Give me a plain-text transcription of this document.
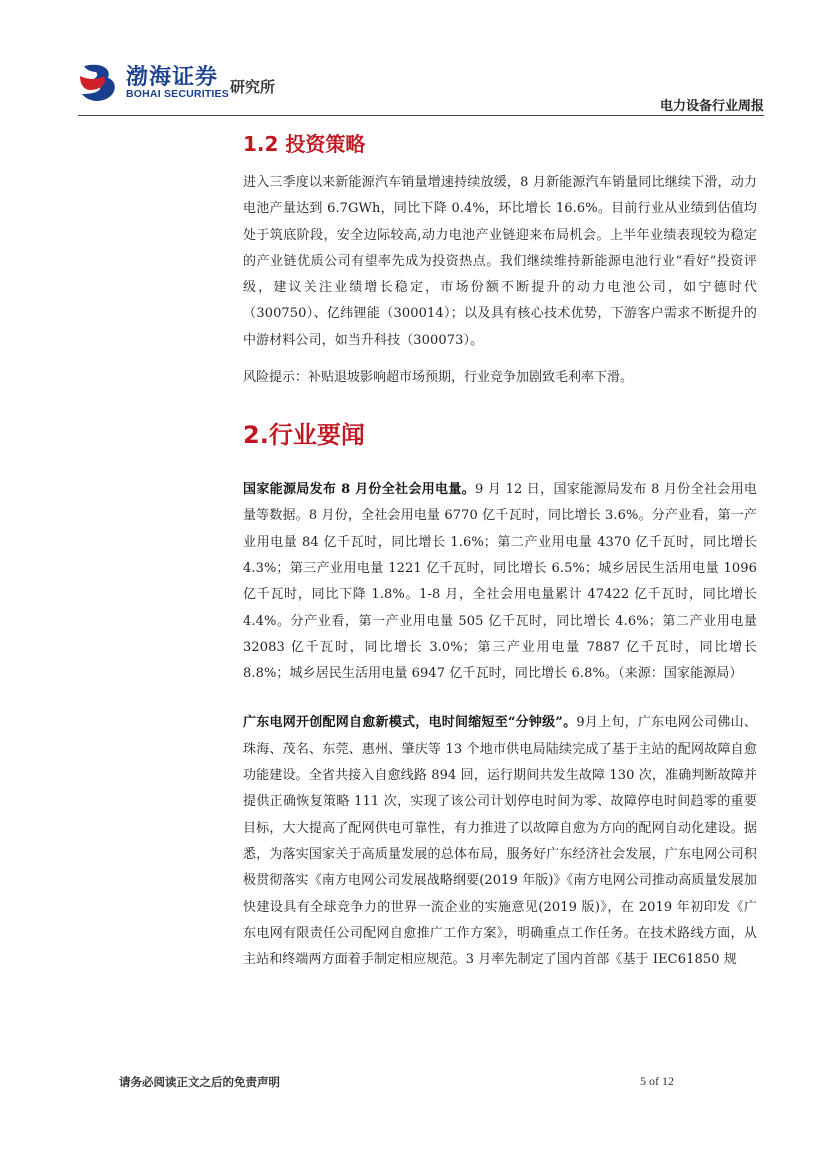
渤海证券
BOHAI SECURITIES 研究所
电力设备行业周报
1.2 投资策略

进入三季度以来新能源汽车销量增速持续放缓，8 月新能源汽车销量同比继续下滑，动力电池产量达到 6.7GWh，同比下降 0.4%，环比增长 16.6%。目前行业从业绩到估值均处于筑底阶段，安全边际较高,动力电池产业链迎来布局机会。上半年业绩表现较为稳定的产业链优质公司有望率先成为投资热点。我们继续维持新能源电池行业“看好”投资评级，建议关注业绩增长稳定，市场份额不断提升的动力电池公司，如宁德时代（300750）、亿纬锂能（300014）；以及具有核心技术优势，下游客户需求不断提升的中游材料公司，如当升科技（300073）。

风险提示：补贴退坡影响超市场预期，行业竞争加剧致毛利率下滑。

2.行业要闻

国家能源局发布 8 月份全社会用电量。9 月 12 日，国家能源局发布 8 月份全社会用电量等数据。8 月份，全社会用电量 6770 亿千瓦时，同比增长 3.6%。分产业看，第一产业用电量 84 亿千瓦时，同比增长 1.6%；第二产业用电量 4370 亿千瓦时，同比增长 4.3%；第三产业用电量 1221 亿千瓦时，同比增长 6.5%；城乡居民生活用电量 1096 亿千瓦时，同比下降 1.8%。1-8 月，全社会用电量累计 47422 亿千瓦时，同比增长 4.4%。分产业看，第一产业用电量 505 亿千瓦时，同比增长 4.6%；第二产业用电量 32083 亿千瓦时，同比增长 3.0%；第三产业用电量 7887 亿千瓦时，同比增长 8.8%；城乡居民生活用电量 6947 亿千瓦时，同比增长 6.8%。（来源：国家能源局）

广东电网开创配网自愈新模式，电时间缩短至“分钟级”。9月上旬，广东电网公司佛山、珠海、茂名、东莞、惠州、肇庆等 13 个地市供电局陆续完成了基于主站的配网故障自愈功能建设。全省共接入自愈线路 894 回，运行期间共发生故障 130 次，准确判断故障并提供正确恢复策略 111 次，实现了该公司计划停电时间为零、故障停电时间趋零的重要目标，大大提高了配网供电可靠性，有力推进了以故障自愈为方向的配网自动化建设。据悉，为落实国家关于高质量发展的总体布局，服务好广东经济社会发展，广东电网公司积极贯彻落实《南方电网公司发展战略纲要(2019 年版)》《南方电网公司推动高质量发展加快建设具有全球竞争力的世界一流企业的实施意见(2019 版)》，在 2019 年初印发《广东电网有限责任公司配网自愈推广工作方案》，明确重点工作任务。在技术路线方面，从主站和终端两方面着手制定相应规范。3 月率先制定了国内首部《基于 IEC61850 规

请务必阅读正文之后的免责声明	5 of 12
